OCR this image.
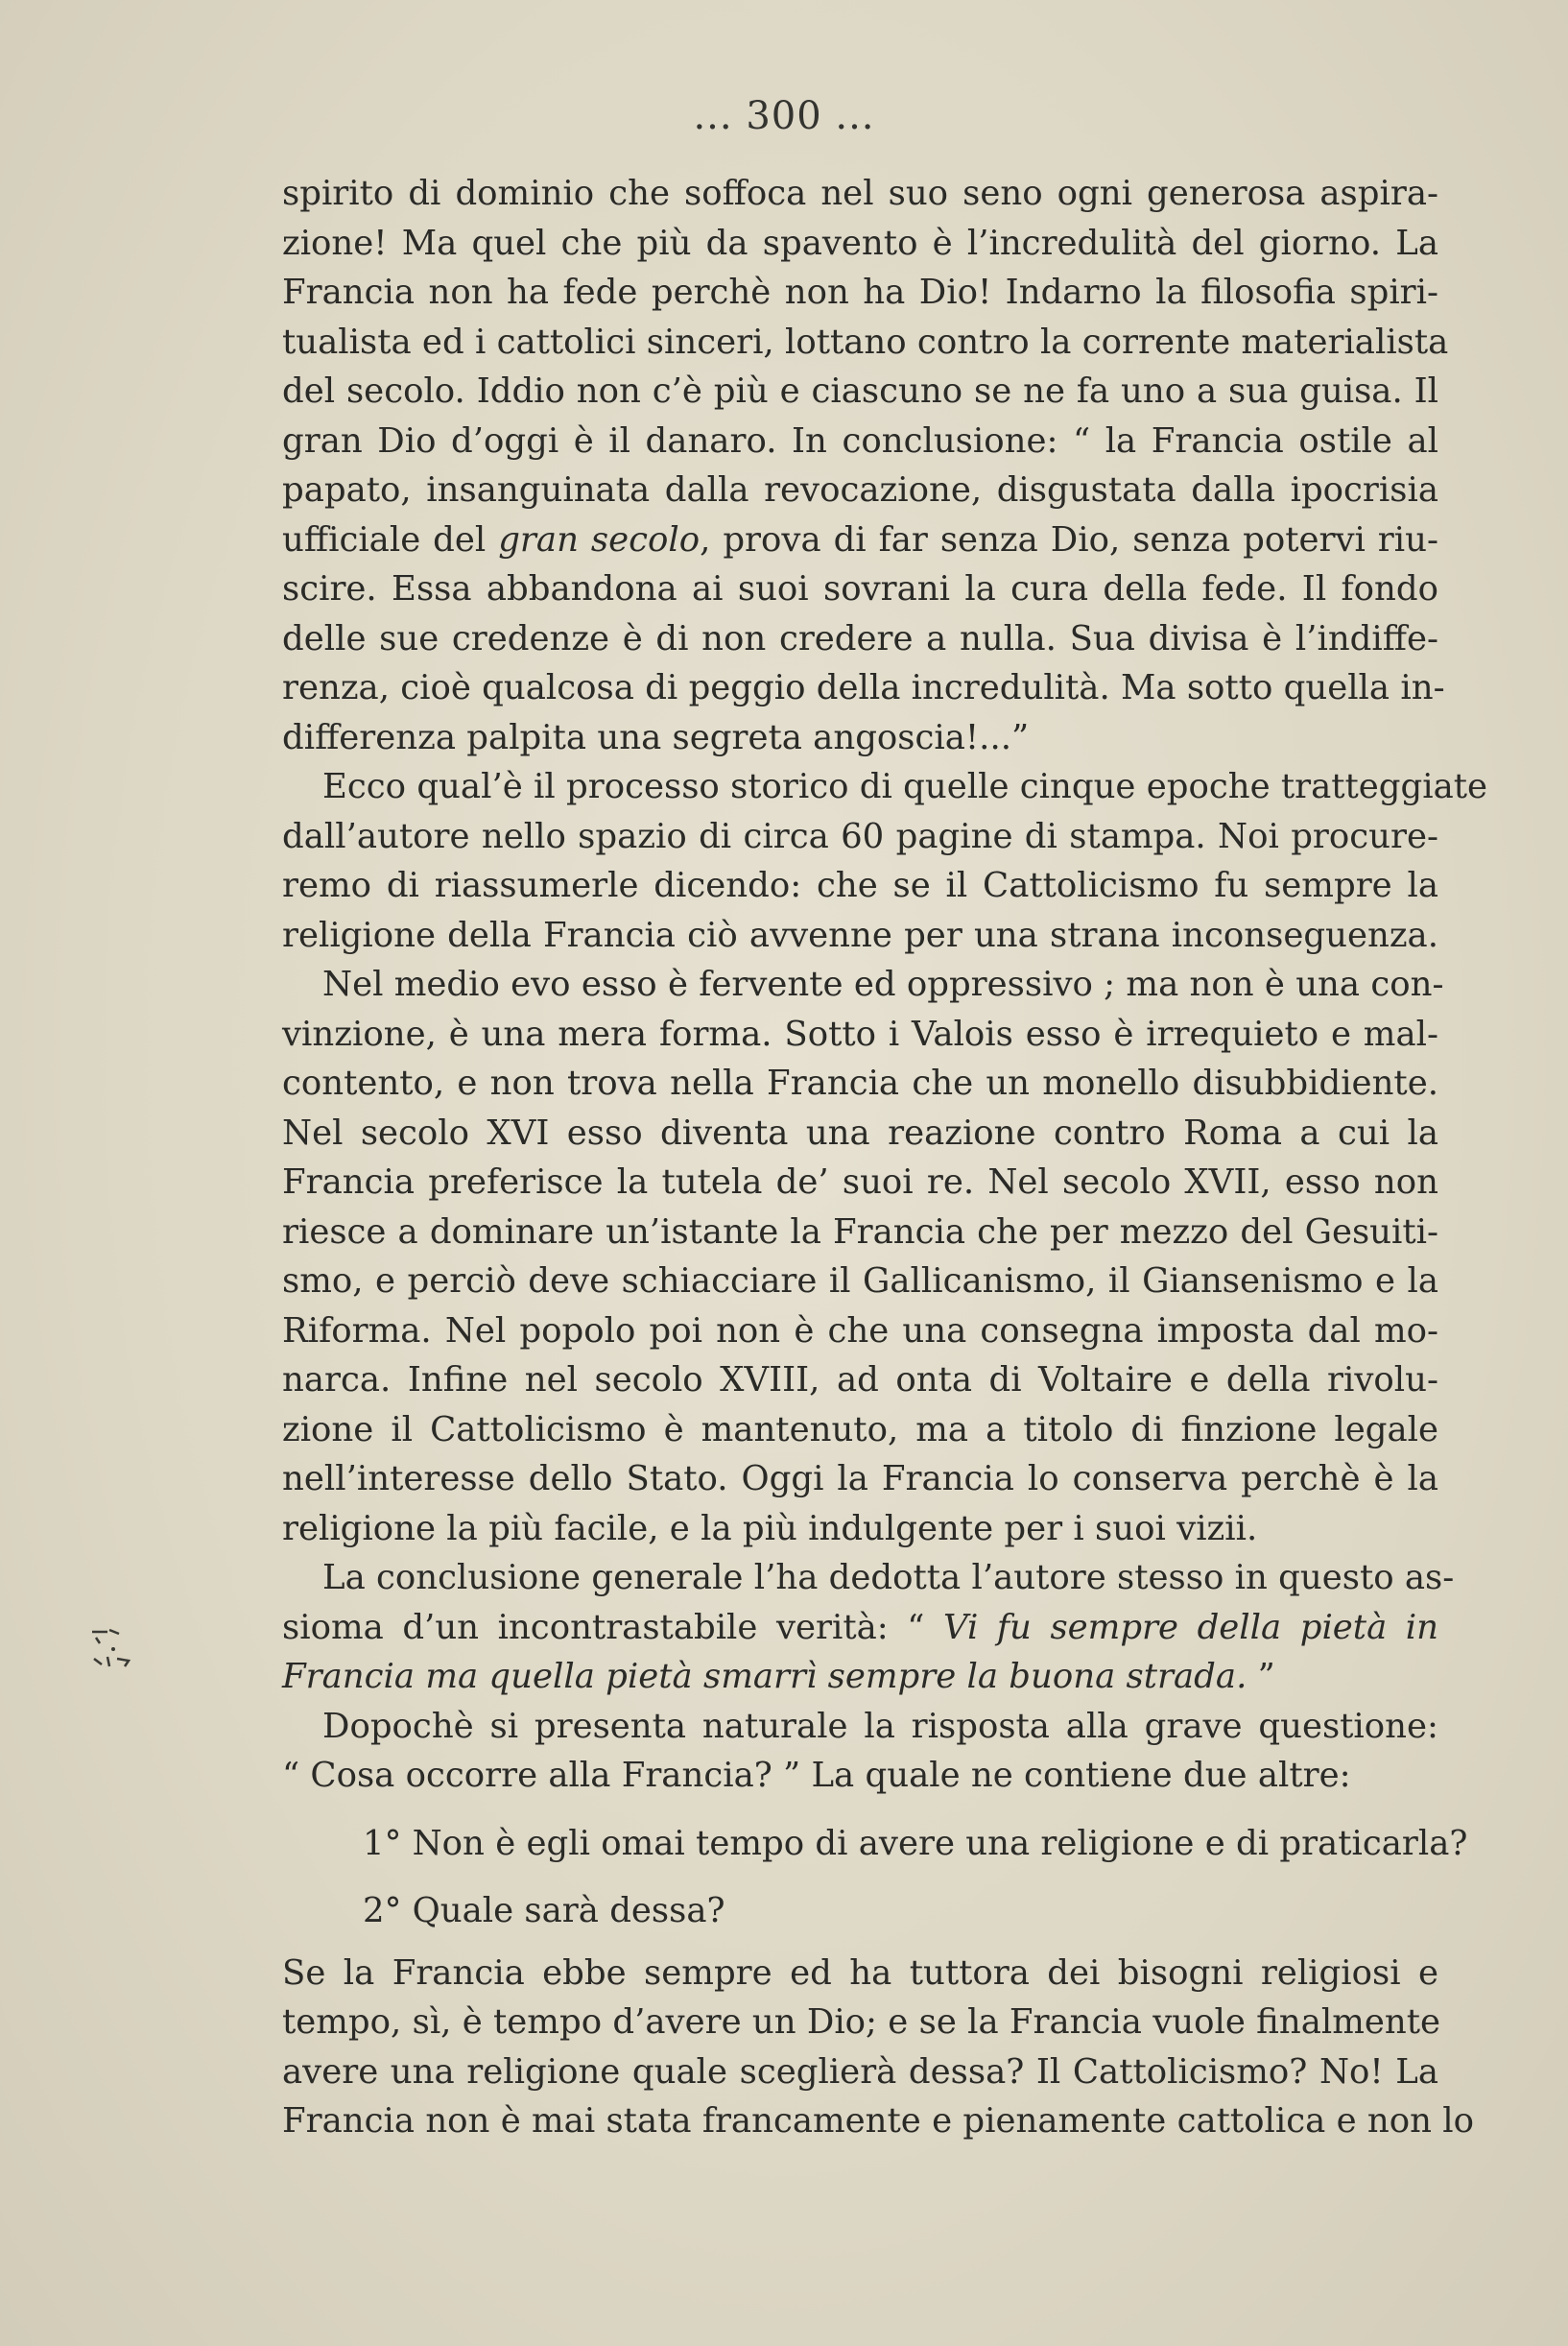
... 300 ...
spirito di dominio che soffoca nel suo seno ogni generosa aspira-
zione! Ma quel che più da spavento è l’incredulità del giorno. La
Francia non ha fede perchè non ha Dio! Indarno la filosofia spiri-
tualista ed i cattolici sinceri, lottano contro la corrente materialista
del secolo. Iddio non c’è più e ciascuno se ne fa uno a sua guisa. Il
gran Dio d’oggi è il danaro. In conclusione: “ la Francia ostile al
papato, insanguinata dalla revocazione, disgustata dalla ipocrisia
ufficiale del gran secolo, prova di far senza Dio, senza potervi riu-
scire. Essa abbandona ai suoi sovrani la cura della fede. Il fondo
delle sue credenze è di non credere a nulla. Sua divisa è l’indiffe-
renza, cioè qualcosa di peggio della incredulità. Ma sotto quella in-
differenza palpita una segreta angoscia!...”
Ecco qual’è il processo storico di quelle cinque epoche tratteggiate
dall’autore nello spazio di circa 60 pagine di stampa. Noi procure-
remo di riassumerle dicendo: che se il Cattolicismo fu sempre la
religione della Francia ciò avvenne per una strana inconseguenza.
Nel medio evo esso è fervente ed oppressivo ; ma non è una con-
vinzione, è una mera forma. Sotto i Valois esso è irrequieto e mal-
contento, e non trova nella Francia che un monello disubbidiente.
Nel secolo XVI esso diventa una reazione contro Roma a cui la
Francia preferisce la tutela de’ suoi re. Nel secolo XVII, esso non
riesce a dominare un’istante la Francia che per mezzo del Gesuiti-
smo, e perciò deve schiacciare il Gallicanismo, il Giansenismo e la
Riforma. Nel popolo poi non è che una consegna imposta dal mo-
narca. Infine nel secolo XVIII, ad onta di Voltaire e della rivolu-
zione il Cattolicismo è mantenuto, ma a titolo di finzione legale
nell’interesse dello Stato. Oggi la Francia lo conserva perchè è la
religione la più facile, e la più indulgente per i suoi vizii.
La conclusione generale l’ha dedotta l’autore stesso in questo as-
sioma d’un incontrastabile verità: “ Vi fu sempre della pietà in
Francia ma quella pietà smarrì sempre la buona strada. ”
Dopochè si presenta naturale la risposta alla grave questione:
“ Cosa occorre alla Francia? ” La quale ne contiene due altre:
1° Non è egli omai tempo di avere una religione e di praticarla?
2° Quale sarà dessa?
Se la Francia ebbe sempre ed ha tuttora dei bisogni religiosi e
tempo, sì, è tempo d’avere un Dio; e se la Francia vuole finalmente
avere una religione quale sceglierà dessa? Il Cattolicismo? No! La
Francia non è mai stata francamente e pienamente cattolica e non lo
